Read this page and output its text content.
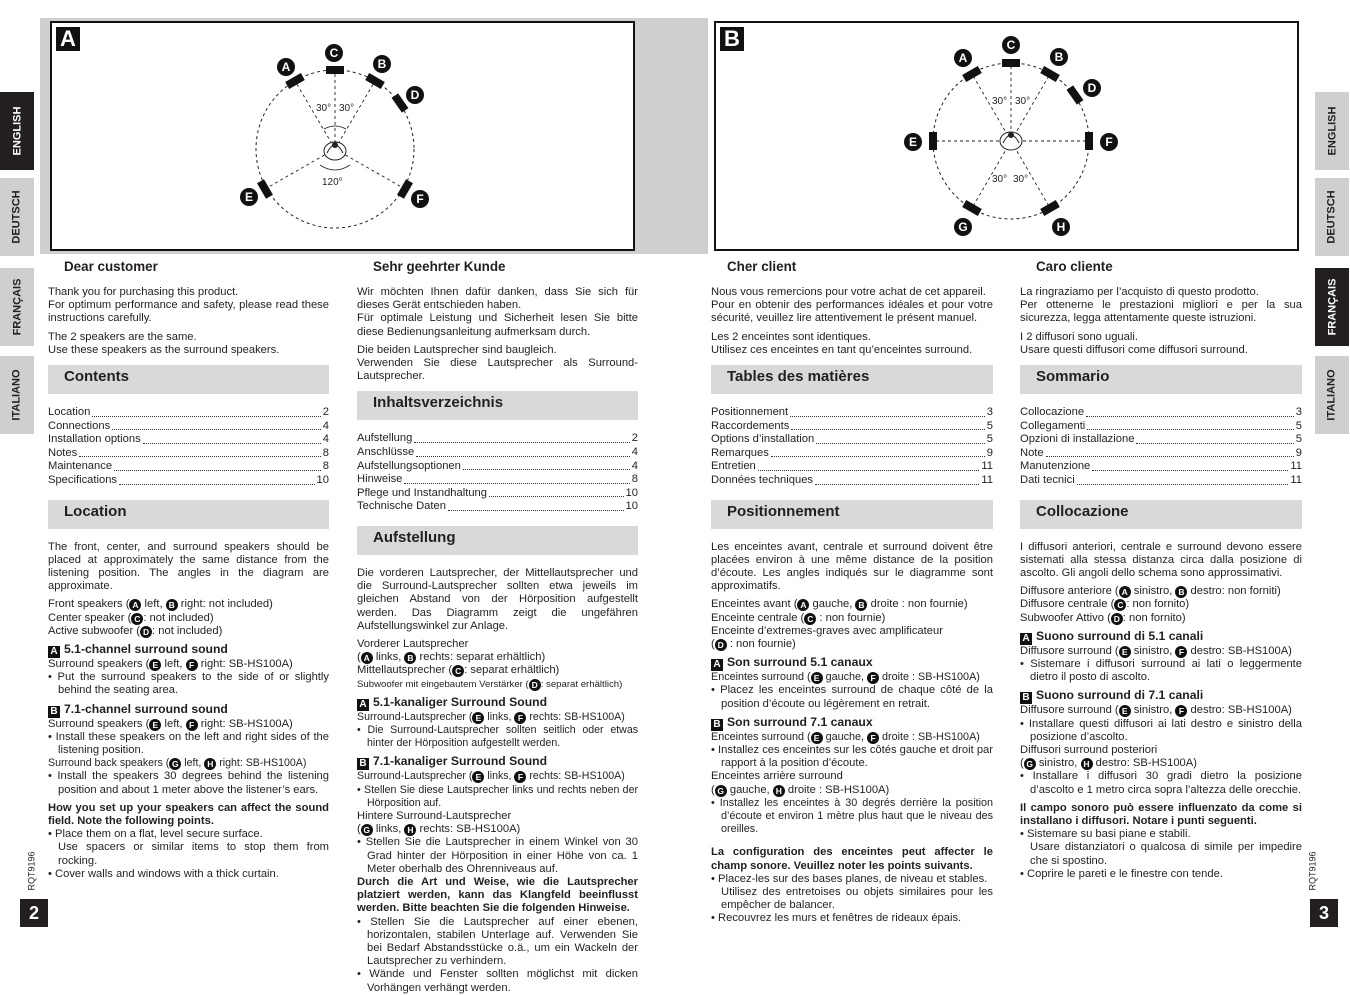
A
A
C
B
D
E	F
30° 30°
120°
B
A
C
B
D
E	F
G	H
30° 30°
30° 30°
ENGLISH
DEUTSCH
FRANÇAIS
ITALIANO
ENGLISH
DEUTSCH
FRANÇAIS
ITALIANO
RQT9196	RQT9196
2	3
Dear customer
Thank you for purchasing this product.
For optimum performance and safety, please read these instructions carefully.
The 2 speakers are the same.
Use these speakers as the surround speakers.
Contents
Location	2
Connections	4
Installation options	4
Notes	8
Maintenance	8
Specifications	10
Location
The front, center, and surround speakers should be placed at approximately the same distance from the listening position. The angles in the diagram are approximate.
Front speakers ( A left, B right: not included)
Center speaker ( C : not included)
Active subwoofer ( D : not included)
A 5.1-channel surround sound
Surround speakers ( E left, F right: SB-HS100A)
• Put the surround speakers to the side of or slightly behind the seating area.
B 7.1-channel surround sound
Surround speakers ( E left, F right: SB-HS100A)
• Install these speakers on the left and right sides of the listening position.
Surround back speakers ( G left, H right: SB-HS100A)
• Install the speakers 30 degrees behind the listening position and about 1 meter above the listener’s ears.
How you set up your speakers can affect the sound field. Note the following points.
• Place them on a flat, level secure surface.
Use spacers or similar items to stop them from rocking.
• Cover walls and windows with a thick curtain.
Sehr geehrter Kunde
Wir möchten Ihnen dafür danken, dass Sie sich für dieses Gerät entschieden haben.
Für optimale Leistung und Sicherheit lesen Sie bitte diese Bedienungsanleitung aufmerksam durch.
Die beiden Lautsprecher sind baugleich.
Verwenden Sie diese Lautsprecher als Surround-Lautsprecher.
Inhaltsverzeichnis
Aufstellung	2
Anschlüsse	4
Aufstellungsoptionen	4
Hinweise	8
Pflege und Instandhaltung	10
Technische Daten	10
Aufstellung
Die vorderen Lautsprecher, der Mittellautsprecher und die Surround-Lautsprecher sollten etwa jeweils im gleichen Abstand von der Hörposition aufgestellt werden. Das Diagramm zeigt die ungefähren Aufstellungswinkel zur Anlage.
Vorderer Lautsprecher
( A links, B rechts: separat erhältlich)
Mittellautsprecher ( C : separat erhältlich)
Subwoofer mit eingebautem Verstärker ( D : separat erhältlich)
A 5.1-kanaliger Surround Sound
Surround-Lautsprecher ( E links, F rechts: SB-HS100A)
• Die Surround-Lautsprecher sollten seitlich oder etwas hinter der Hörposition aufgestellt werden.
B 7.1-kanaliger Surround Sound
Surround-Lautsprecher ( E links, F rechts: SB-HS100A)
• Stellen Sie diese Lautsprecher links und rechts neben der Hörposition auf.
Hintere Surround-Lautsprecher
( G links, H rechts: SB-HS100A)
• Stellen Sie die Lautsprecher in einem Winkel von 30 Grad hinter der Hörposition in einer Höhe von ca. 1 Meter oberhalb des Ohrenniveaus auf.
Durch die Art und Weise, wie die Lautsprecher platziert werden, kann das Klangfeld beeinflusst werden. Bitte beachten Sie die folgenden Hinweise.
• Stellen Sie die Lautsprecher auf einer ebenen, horizontalen, stabilen Unterlage auf. Verwenden Sie bei Bedarf Abstandsstücke o.ä., um ein Wackeln der Lautsprecher zu verhindern.
• Wände und Fenster sollten möglichst mit dicken Vorhängen verhängt werden.
Cher client
Nous vous remercions pour votre achat de cet appareil.
Pour en obtenir des performances idéales et pour votre sécurité, veuillez lire attentivement le présent manuel.
Les 2 enceintes sont identiques.
Utilisez ces enceintes en tant qu’enceintes surround.
Tables des matières
Positionnement	3
Raccordements	5
Options d’installation	5
Remarques	9
Entretien	11
Données techniques	11
Positionnement
Les enceintes avant, centrale et surround doivent être placées environ à une même distance de la position d’écoute. Les angles indiqués sur le diagramme sont approximatifs.
Enceintes avant ( A gauche, B droite : non fournie)
Enceinte centrale ( C : non fournie)
Enceinte d’extremes-graves avec amplificateur
( D : non fournie)
A Son surround 5.1 canaux
Enceintes surround ( E gauche, F droite : SB-HS100A)
• Placez les enceintes surround de chaque côté de la position d’écoute ou légèrement en retrait.
B Son surround 7.1 canaux
Enceintes surround ( E gauche, F droite : SB-HS100A)
• Installez ces enceintes sur les côtés gauche et droit par rapport à la position d’écoute.
Enceintes arrière surround
( G gauche, H droite : SB-HS100A)
• Installez les enceintes à 30 degrés derrière la position d’écoute et environ 1 mètre plus haut que le niveau des oreilles.
La configuration des enceintes peut affecter le champ sonore. Veuillez noter les points suivants.
• Placez-les sur des bases planes, de niveau et stables.
Utilisez des entretoises ou objets similaires pour les empêcher de balancer.
• Recouvrez les murs et fenêtres de rideaux épais.
Caro cliente
La ringraziamo per l’acquisto di questo prodotto.
Per ottenerne le prestazioni migliori e per la sua sicurezza, legga attentamente queste istruzioni.
I 2 diffusori sono uguali.
Usare questi diffusori come diffusori surround.
Sommario
Collocazione	3
Collegamenti	5
Opzioni di installazione	5
Note	9
Manutenzione	11
Dati tecnici	11
Collocazione
I diffusori anteriori, centrale e surround devono essere sistemati alla stessa distanza circa dalla posizione di ascolto. Gli angoli dello schema sono approssimativi.
Diffusore anteriore ( A sinistro, B destro: non forniti)
Diffusore centrale ( C : non fornito)
Subwoofer Attivo ( D : non fornito)
A Suono surround di 5.1 canali
Diffusore surround ( E sinistro, F destro: SB-HS100A)
• Sistemare i diffusori surround ai lati o leggermente dietro il posto di ascolto.
B Suono surround di 7.1 canali
Diffusore surround ( E sinistro, F destro: SB-HS100A)
• Installare questi diffusori ai lati destro e sinistro della posizione d’ascolto.
Diffusori surround posteriori
( G sinistro, H destro: SB-HS100A)
• Installare i diffusori 30 gradi dietro la posizione d’ascolto e 1 metro circa sopra l’altezza delle orecchie.
Il campo sonoro può essere influenzato da come si installano i diffusori. Notare i punti seguenti.
• Sistemare su basi piane e stabili.
Usare distanziatori o qualcosa di simile per impedire che si spostino.
• Coprire le pareti e le finestre con tende.
